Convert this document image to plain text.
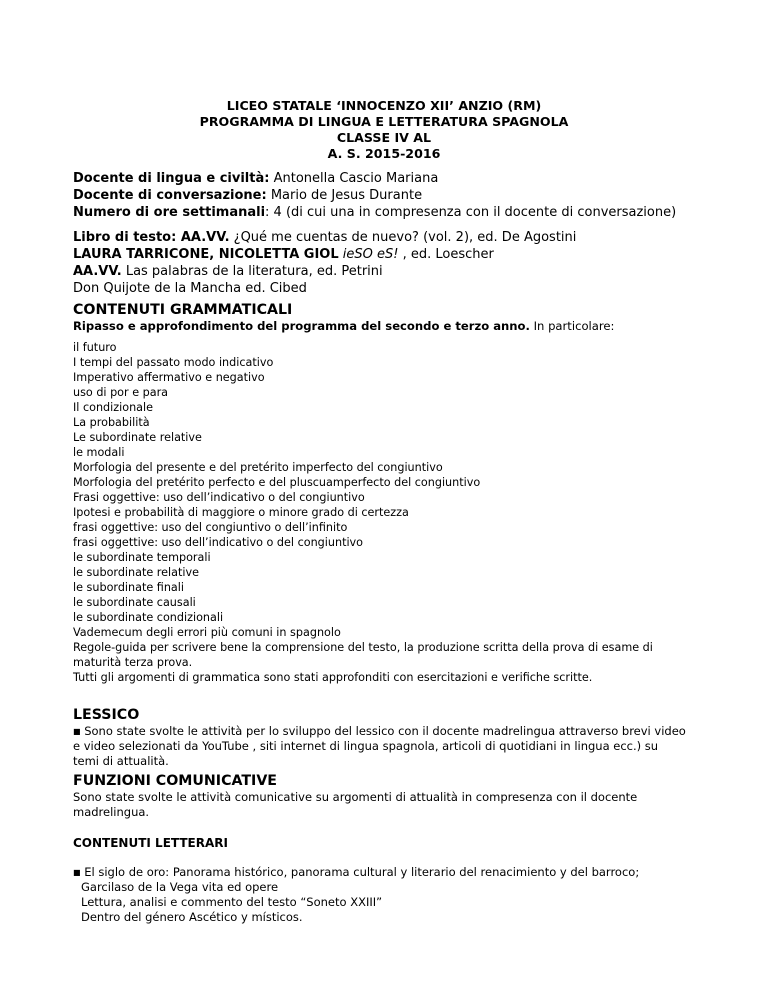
LICEO STATALE ‘INNOCENZO XII’ ANZIO (RM)
PROGRAMMA DI LINGUA E LETTERATURA SPAGNOLA
CLASSE IV AL
A. S. 2015-2016
Docente di lingua e civiltà: Antonella Cascio Mariana
Docente di conversazione: Mario de Jesus Durante
Numero di ore settimanali: 4 (di cui una in compresenza con il docente di conversazione)
Libro di testo: AA.VV. ¿Qué me cuentas de nuevo? (vol. 2), ed. De Agostini
LAURA TARRICONE, NICOLETTA GIOL ieSO eS! , ed. Loescher
AA.VV. Las palabras de la literatura, ed. Petrini
Don Quijote de la Mancha ed. Cibed
CONTENUTI GRAMMATICALI
Ripasso e approfondimento del programma del secondo e terzo anno. In particolare:
il futuro
I tempi del passato modo indicativo
Imperativo affermativo e negativo
uso di por e para
Il condizionale
La probabilità
Le subordinate relative
le modali
Morfologia del presente e del pretérito imperfecto del congiuntivo
Morfologia del pretérito perfecto e del pluscuamperfecto del congiuntivo
Frasi oggettive: uso dell’indicativo o del congiuntivo
Ipotesi e probabilità di maggiore o minore grado di certezza
frasi oggettive: uso del congiuntivo o dell’infinito
frasi oggettive: uso dell’indicativo o del congiuntivo
le subordinate temporali
le subordinate relative
le subordinate finali
le subordinate causali
le subordinate condizionali
Vademecum degli errori più comuni in spagnolo
Regole-guida per scrivere bene la comprensione del testo, la produzione scritta della prova di esame di
maturità terza prova.
Tutti gli argomenti di grammatica sono stati approfonditi con esercitazioni e verifiche scritte.
LESSICO
■ Sono state svolte le attività per lo sviluppo del lessico con il docente madrelingua attraverso brevi video
e video selezionati da YouTube , siti internet di lingua spagnola, articoli di quotidiani in lingua ecc.) su
temi di attualità.
FUNZIONI COMUNICATIVE
Sono state svolte le attività comunicative su argomenti di attualità in compresenza con il docente
madrelingua.
CONTENUTI LETTERARI
■ El siglo de oro: Panorama histórico, panorama cultural y literario del renacimiento y del barroco;
Garcilaso de la Vega vita ed opere
Lettura, analisi e commento del testo “Soneto XXIII”
Dentro del género Ascético y místicos.
